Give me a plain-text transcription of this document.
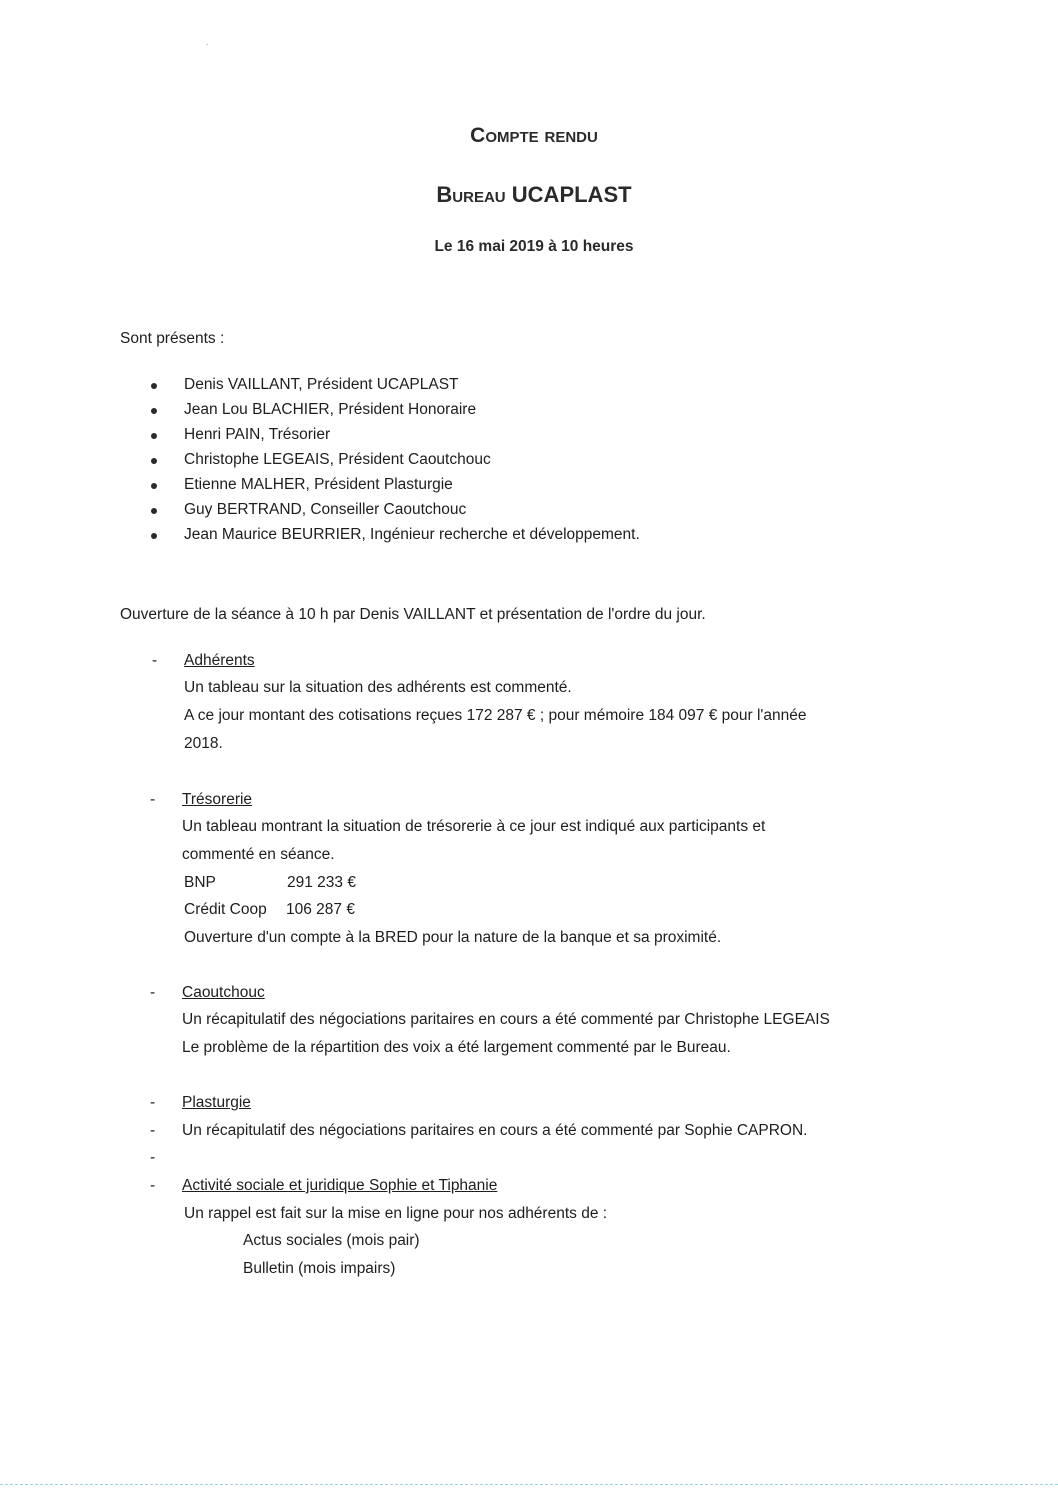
Compte rendu
Bureau UCAPLAST
Le 16 mai 2019 à 10 heures
Sont présents :
Denis VAILLANT, Président UCAPLAST
Jean Lou BLACHIER, Président Honoraire
Henri PAIN, Trésorier
Christophe LEGEAIS, Président Caoutchouc
Etienne MALHER, Président Plasturgie
Guy BERTRAND, Conseiller Caoutchouc
Jean Maurice BEURRIER, Ingénieur recherche et développement.
Ouverture de la séance à 10 h par Denis VAILLANT et présentation de l'ordre du jour.
- Adhérents
Un tableau sur la situation des adhérents est commenté.
A ce jour montant des cotisations reçues 172 287 € ; pour mémoire 184 097 € pour l'année
2018.
- Trésorerie
Un tableau montrant la situation de trésorerie à ce jour est indiqué aux participants et
commenté en séance.
BNP	291 233 €
Crédit Coop 106 287 €
Ouverture d'un compte à la BRED pour la nature de la banque et sa proximité.
- Caoutchouc
Un récapitulatif des négociations paritaires en cours a été commenté par Christophe LEGEAIS
Le problème de la répartition des voix a été largement commenté par le Bureau.
- Plasturgie
- Un récapitulatif des négociations paritaires en cours a été commenté par Sophie CAPRON.
-
- Activité sociale et juridique Sophie et Tiphanie
Un rappel est fait sur la mise en ligne pour nos adhérents de :
Actus sociales (mois pair)
Bulletin (mois impairs)
